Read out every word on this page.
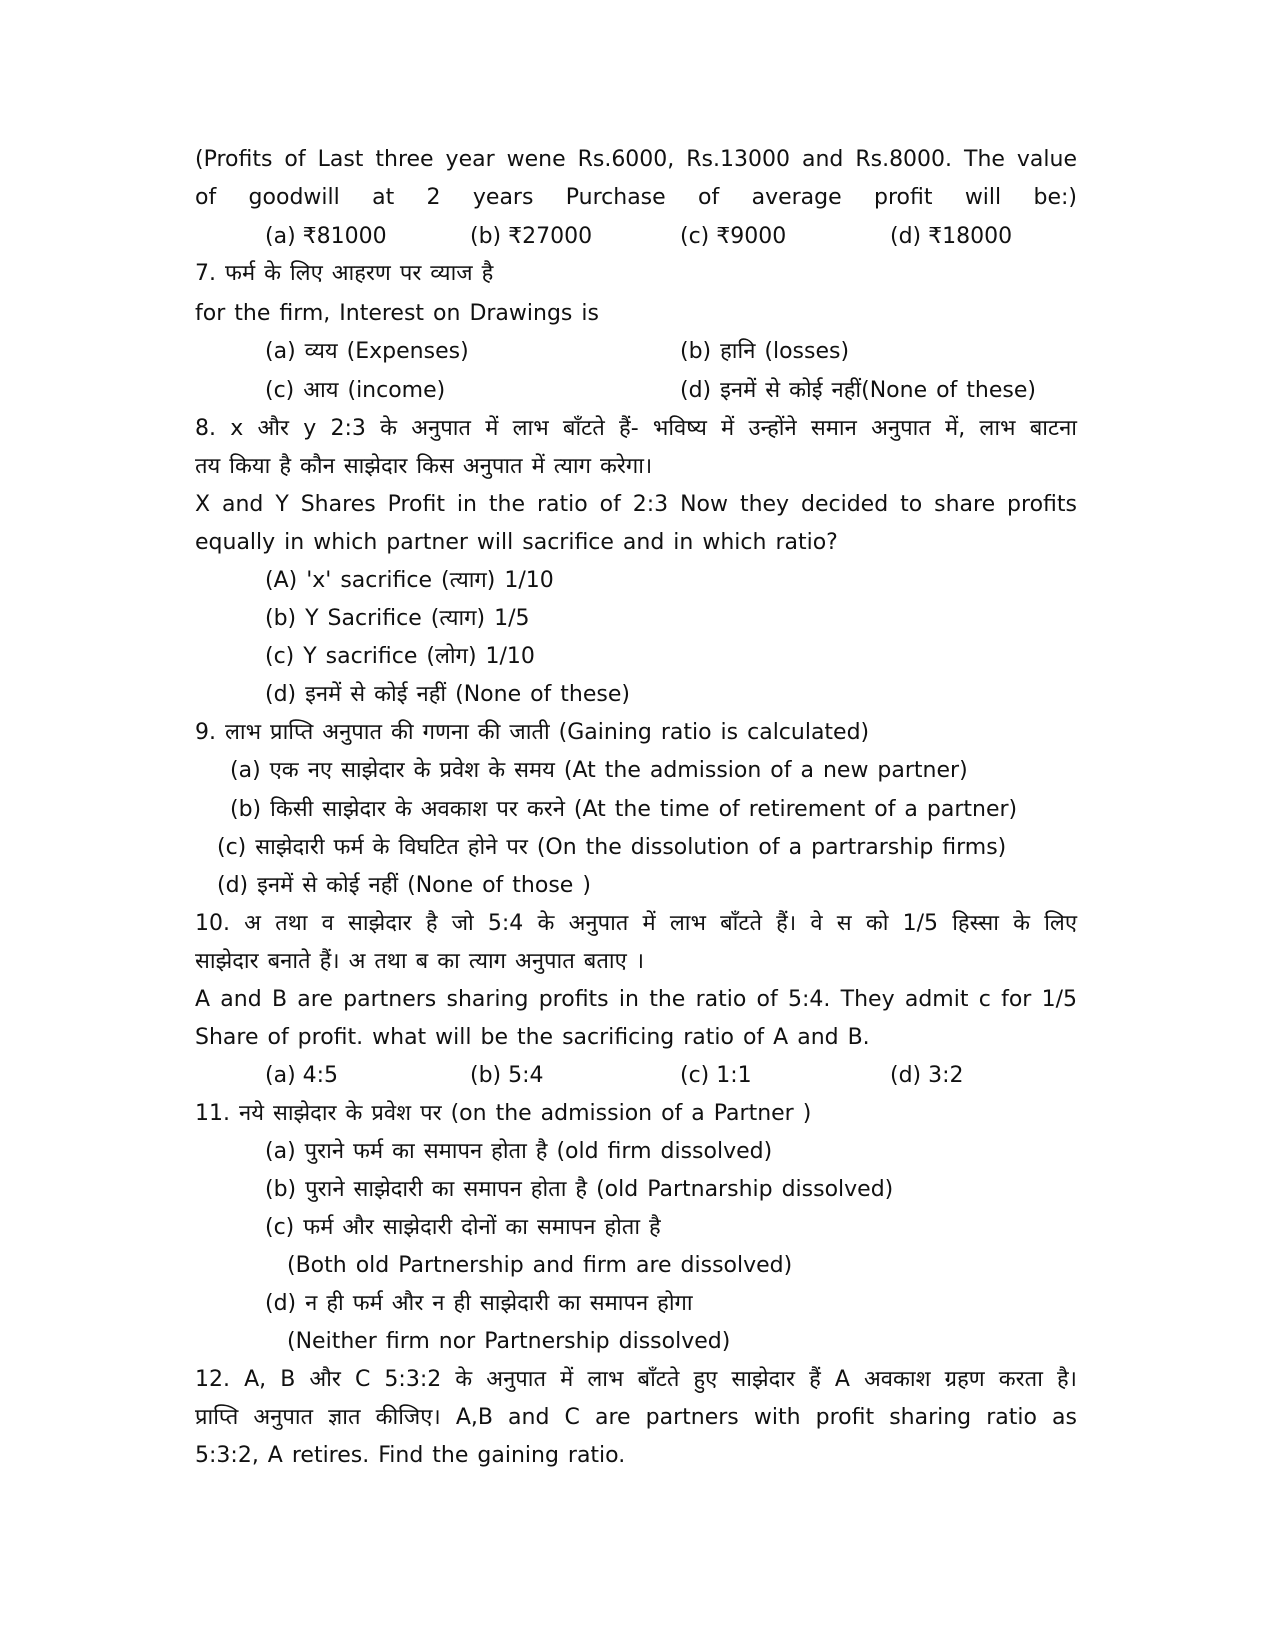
(Profits of Last three year wene Rs.6000, Rs.13000 and Rs.8000. The value
of goodwill at 2 years Purchase of average profit will be:)
(a) ₹81000	(b) ₹27000	(c) ₹9000	(d) ₹18000
7. फर्म के लिए आहरण पर व्याज है
for the firm, Interest on Drawings is
(a) व्यय (Expenses)	(b) हानि (losses)
(c) आय (income)	(d) इनमें से कोई नहीं(None of these)
8. x और y 2:3 के अनुपात में लाभ बाँटते हैं- भविष्य में उन्होंने समान अनुपात में, लाभ बाटना
तय किया है कौन साझेदार किस अनुपात में त्याग करेगा।
X and Y Shares Profit in the ratio of 2:3 Now they decided to share profits
equally in which partner will sacrifice and in which ratio?
(A) 'x' sacrifice (त्याग) 1/10
(b) Y Sacrifice (त्याग) 1/5
(c) Y sacrifice (लोग) 1/10
(d) इनमें से कोई नहीं (None of these)
9. लाभ प्राप्ति अनुपात की गणना की जाती (Gaining ratio is calculated)
(a) एक नए साझेदार के प्रवेश के समय (At the admission of a new partner)
(b) किसी साझेदार के अवकाश पर करने (At the time of retirement of a partner)
(c) साझेदारी फर्म के विघटित होने पर (On the dissolution of a partrarship firms)
(d) इनमें से कोई नहीं (None of those )
10. अ तथा व साझेदार है जो 5:4 के अनुपात में लाभ बाँटते हैं। वे स को 1/5 हिस्सा के लिए
साझेदार बनाते हैं। अ तथा ब का त्याग अनुपात बताए ।
A and B are partners sharing profits in the ratio of 5:4. They admit c for 1/5
Share of profit. what will be the sacrificing ratio of A and B.
(a) 4:5	(b) 5:4	(c) 1:1	(d) 3:2
11. नये साझेदार के प्रवेश पर (on the admission of a Partner )
(a) पुराने फर्म का समापन होता है (old firm dissolved)
(b) पुराने साझेदारी का समापन होता है (old Partnarship dissolved)
(c) फर्म और साझेदारी दोनों का समापन होता है
(Both old Partnership and firm are dissolved)
(d) न ही फर्म और न ही साझेदारी का समापन होगा
(Neither firm nor Partnership dissolved)
12. A, B और C 5:3:2 के अनुपात में लाभ बाँटते हुए साझेदार हैं A अवकाश ग्रहण करता है।
प्राप्ति अनुपात ज्ञात कीजिए। A,B and C are partners with profit sharing ratio as
5:3:2, A retires. Find the gaining ratio.
